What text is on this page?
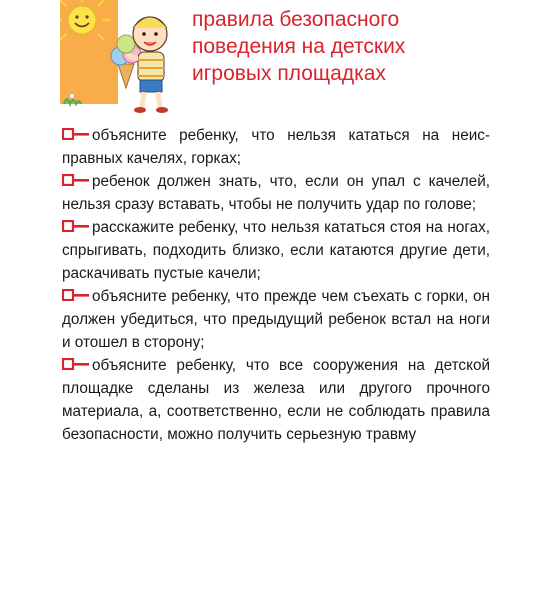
правила безопасного
поведения на детских
игровых площадках
объясните ребенку, что нельзя кататься на неис-правных качелях, горках;
ребенок должен знать, что, если он упал с качелей, нельзя сразу вставать, чтобы не получить удар по голове;
расскажите ребенку, что нельзя кататься стоя на ногах, спрыгивать, подходить близко, если катаются другие дети, раскачивать пустые качели;
объясните ребенку, что прежде чем съехать с горки, он должен убедиться, что предыдущий ребенок встал на ноги и отошел в сторону;
объясните ребенку, что все сооружения на детской площадке сделаны из железа или другого прочного материала, а, соответственно, если не соблюдать правила безопасности, можно получить серьезную травму
